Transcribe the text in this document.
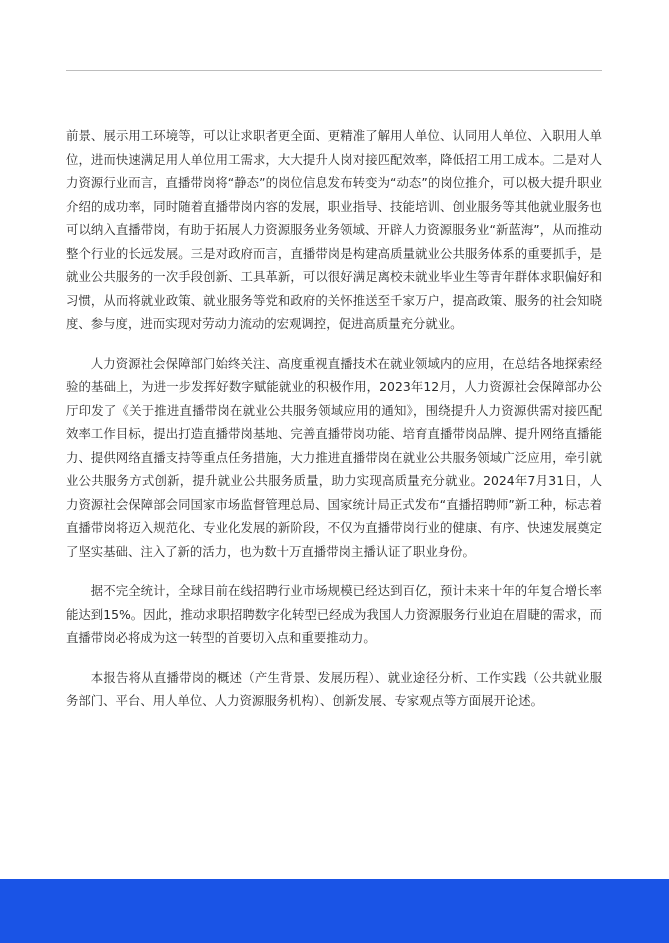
前景、展示用工环境等，可以让求职者更全面、更精准了解用人单位、认同用人单位、入职用人单位，进而快速满足用人单位用工需求，大大提升人岗对接匹配效率，降低招工用工成本。二是对人力资源行业而言，直播带岗将“静态”的岗位信息发布转变为“动态”的岗位推介，可以极大提升职业介绍的成功率，同时随着直播带岗内容的发展，职业指导、技能培训、创业服务等其他就业服务也可以纳入直播带岗，有助于拓展人力资源服务业务领域、开辟人力资源服务业“新蓝海”，从而推动整个行业的长远发展。三是对政府而言，直播带岗是构建高质量就业公共服务体系的重要抓手，是就业公共服务的一次手段创新、工具革新，可以很好满足离校未就业毕业生等青年群体求职偏好和习惯，从而将就业政策、就业服务等党和政府的关怀推送至千家万户，提高政策、服务的社会知晓度、参与度，进而实现对劳动力流动的宏观调控，促进高质量充分就业。

人力资源社会保障部门始终关注、高度重视直播技术在就业领域内的应用，在总结各地探索经验的基础上，为进一步发挥好数字赋能就业的积极作用，2023年12月，人力资源社会保障部办公厅印发了《关于推进直播带岗在就业公共服务领域应用的通知》，围绕提升人力资源供需对接匹配效率工作目标，提出打造直播带岗基地、完善直播带岗功能、培育直播带岗品牌、提升网络直播能力、提供网络直播支持等重点任务措施，大力推进直播带岗在就业公共服务领域广泛应用，牵引就业公共服务方式创新，提升就业公共服务质量，助力实现高质量充分就业。2024年7月31日，人力资源社会保障部会同国家市场监督管理总局、国家统计局正式发布“直播招聘师”新工种，标志着直播带岗将迈入规范化、专业化发展的新阶段，不仅为直播带岗行业的健康、有序、快速发展奠定了坚实基础、注入了新的活力，也为数十万直播带岗主播认证了职业身份。

据不完全统计，全球目前在线招聘行业市场规模已经达到百亿，预计未来十年的年复合增长率能达到15%。因此，推动求职招聘数字化转型已经成为我国人力资源服务行业迫在眉睫的需求，而直播带岗必将成为这一转型的首要切入点和重要推动力。

本报告将从直播带岗的概述（产生背景、发展历程）、就业途径分析、工作实践（公共就业服务部门、平台、用人单位、人力资源服务机构）、创新发展、专家观点等方面展开论述。
